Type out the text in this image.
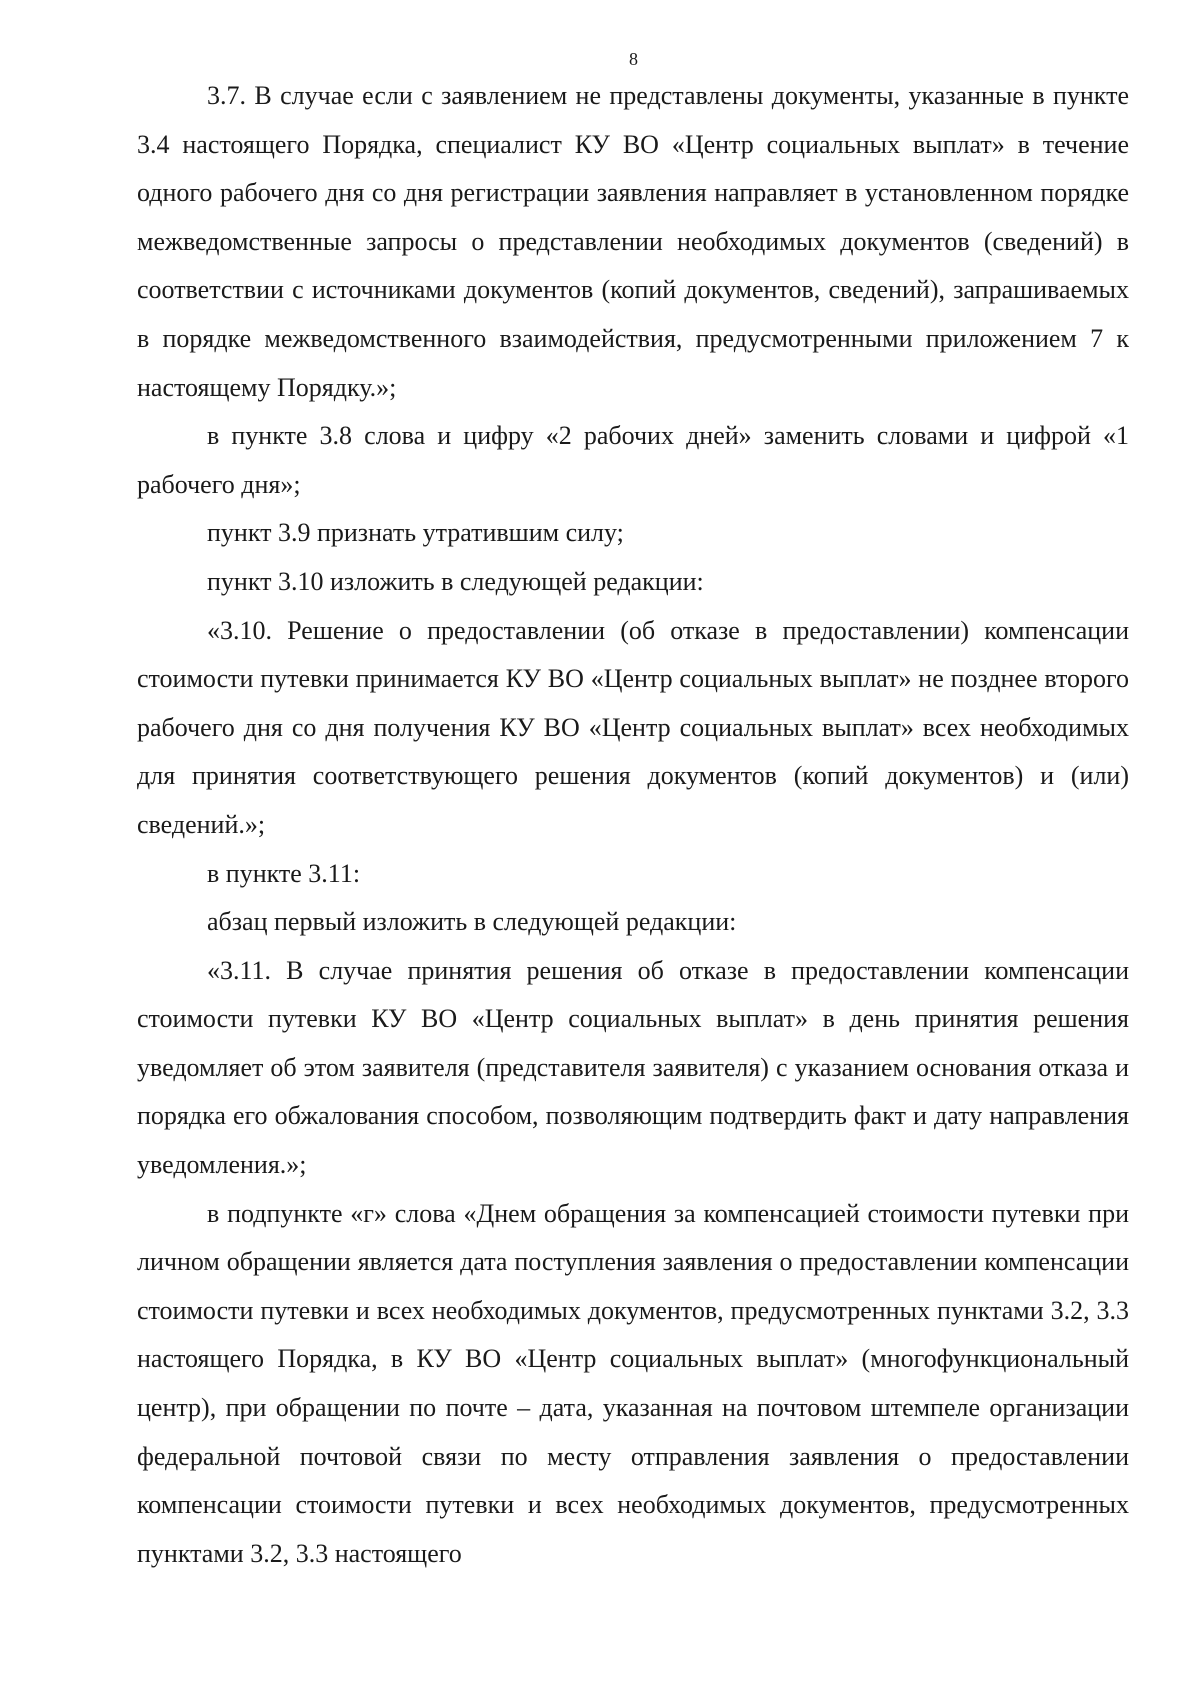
8

3.7. В случае если с заявлением не представлены документы, указанные в пункте 3.4 настоящего Порядка, специалист КУ ВО «Центр социальных выплат» в течение одного рабочего дня со дня регистрации заявления направляет в установленном порядке межведомственные запросы о представлении необходимых документов (сведений) в соответствии с источниками документов (копий документов, сведений), запрашиваемых в порядке межведомственного взаимодействия, предусмотренными приложением 7 к настоящему Порядку.»;

в пункте 3.8 слова и цифру «2 рабочих дней» заменить словами и цифрой «1 рабочего дня»;

пункт 3.9 признать утратившим силу;

пункт 3.10 изложить в следующей редакции:

«3.10. Решение о предоставлении (об отказе в предоставлении) компенсации стоимости путевки принимается КУ ВО «Центр социальных выплат» не позднее второго рабочего дня со дня получения КУ ВО «Центр социальных выплат» всех необходимых для принятия соответствующего решения документов (копий документов) и (или) сведений.»;

в пункте 3.11:

абзац первый изложить в следующей редакции:

«3.11. В случае принятия решения об отказе в предоставлении компенсации стоимости путевки КУ ВО «Центр социальных выплат» в день принятия решения уведомляет об этом заявителя (представителя заявителя) с указанием основания отказа и порядка его обжалования способом, позволяющим подтвердить факт и дату направления уведомления.»;

в подпункте «г» слова «Днем обращения за компенсацией стоимости путевки при личном обращении является дата поступления заявления о предоставлении компенсации стоимости путевки и всех необходимых документов, предусмотренных пунктами 3.2, 3.3 настоящего Порядка, в КУ ВО «Центр социальных выплат» (многофункциональный центр), при обращении по почте – дата, указанная на почтовом штемпеле организации федеральной почтовой связи по месту отправления заявления о предоставлении компенсации стоимости путевки и всех необходимых документов, предусмотренных пунктами 3.2, 3.3 настоящего
